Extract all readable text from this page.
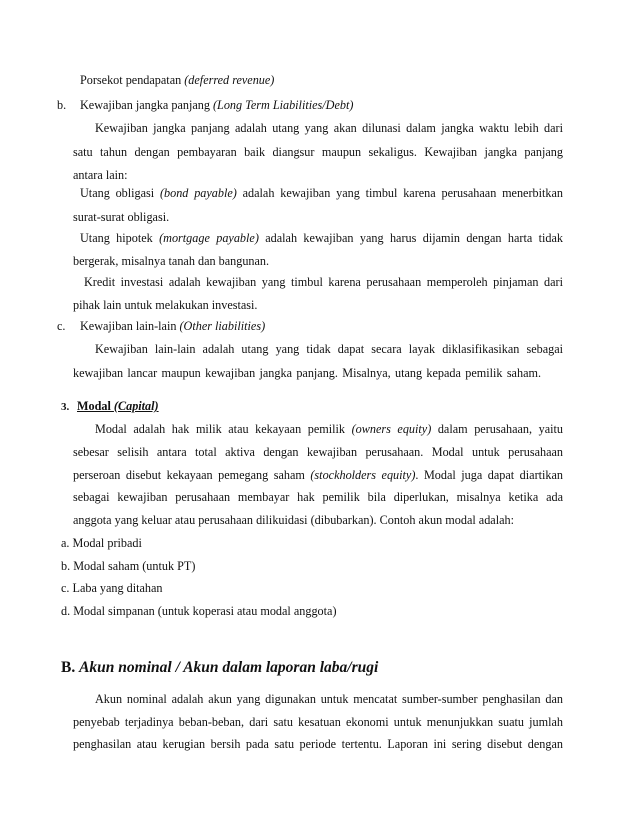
Porsekot pendapatan (deferred revenue)
b. Kewajiban jangka panjang (Long Term Liabilities/Debt)
Kewajiban jangka panjang adalah utang yang akan dilunasi dalam jangka waktu lebih dari
satu tahun dengan pembayaran baik diangsur maupun sekaligus. Kewajiban jangka panjang
antara lain:
Utang obligasi (bond payable) adalah kewajiban yang timbul karena perusahaan menerbitkan
surat-surat obligasi.
Utang hipotek (mortgage payable) adalah kewajiban yang harus dijamin dengan harta tidak
bergerak, misalnya tanah dan bangunan.
Kredit investasi adalah kewajiban yang timbul karena perusahaan memperoleh pinjaman dari
pihak lain untuk melakukan investasi.
c. Kewajiban lain-lain (Other liabilities)
Kewajiban lain-lain adalah utang yang tidak dapat secara layak diklasifikasikan sebagai
kewajiban lancar maupun kewajiban jangka panjang. Misalnya, utang kepada pemilik saham.
3. Modal (Capital)
Modal adalah hak milik atau kekayaan pemilik (owners equity) dalam perusahaan, yaitu
sebesar selisih antara total aktiva dengan kewajiban perusahaan. Modal untuk perusahaan
perseroan disebut kekayaan pemegang saham (stockholders equity). Modal juga dapat diartikan
sebagai kewajiban perusahaan membayar hak pemilik bila diperlukan, misalnya ketika ada
anggota yang keluar atau perusahaan dilikuidasi (dibubarkan). Contoh akun modal adalah:
a. Modal pribadi
b. Modal saham (untuk PT)
c. Laba yang ditahan
d. Modal simpanan (untuk koperasi atau modal anggota)
B. Akun nominal / Akun dalam laporan laba/rugi
Akun nominal adalah akun yang digunakan untuk mencatat sumber-sumber penghasilan dan
penyebab terjadinya beban-beban, dari satu kesatuan ekonomi untuk menunjukkan suatu jumlah
penghasilan atau kerugian bersih pada satu periode tertentu. Laporan ini sering disebut dengan
